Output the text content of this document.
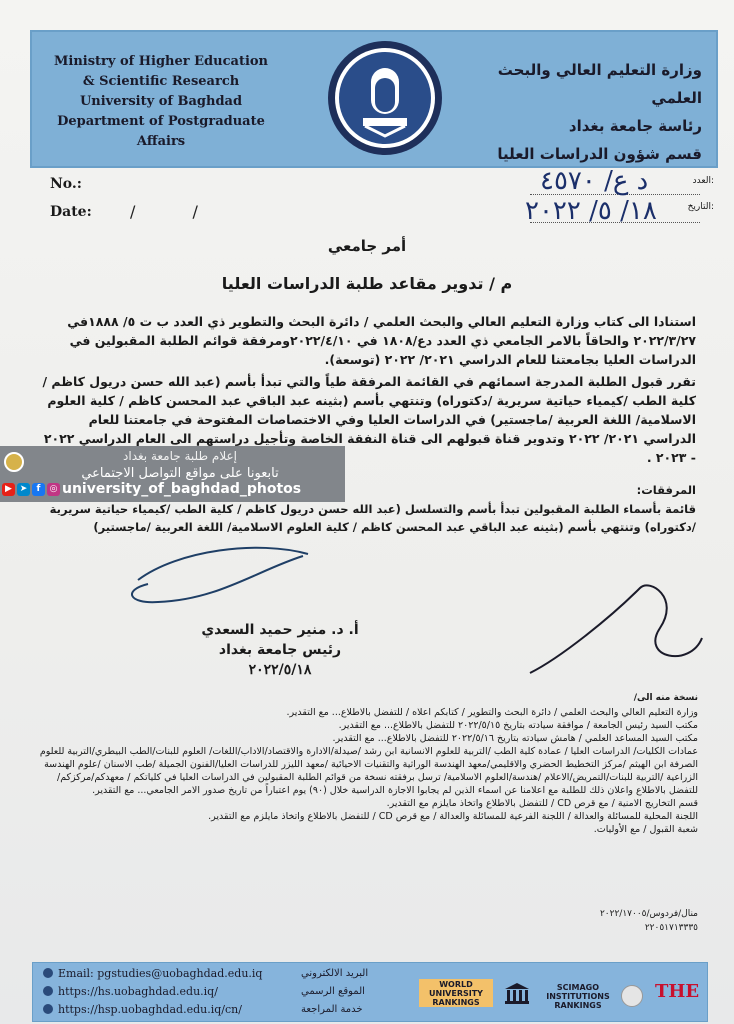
Ministry of Higher Education
& Scientific Research
University of Baghdad
Department of Postgraduate Affairs
وزارة التعليم العالي والبحث العلمي
رئاسة جامعة بغداد
قسم شؤون الدراسات العليا
No.:
Date: / /
العدد:
التاريخ:
د ع/ ٤٥٧٠
١٨/ ٥/ ٢٠٢٢
أمر جامعي
م / تدوير مقاعد طلبة الدراسات العليا
استنادا الى كتاب وزارة التعليم العالي والبحث العلمي / دائرة البحث والتطوير ذي العدد ب ت ٥/ ١٨٨٨في ٢٠٢٢/٣/٢٧ والحاقاً بالامر الجامعي ذي العدد دع/١٨٠٨ في ٢٠٢٢/٤/١٠ومرفقة قوائم الطلبة المقبولين في الدراسات العليا بجامعتنا للعام الدراسي ٢٠٢١/ ٢٠٢٢ (توسعة).
تقرر قبول الطلبة المدرجة اسمائهم في القائمة المرفقة طياً والتي تبدأ بأسم (عبد الله حسن دريول كاظم / كلية الطب /كيمياء حياتية سريرية /دكتوراه) وتنتهي بأسم (بثينه عبد الباقي عبد المحسن كاظم / كلية العلوم الاسلامية/ اللغة العربية /ماجستير) في الدراسات العليا وفي الاختصاصات المفتوحة في جامعتنا للعام الدراسي ٢٠٢١/ ٢٠٢٢ وتدوير قناة قبولهم الى قناة النفقة الخاصة وتأجيل دراستهم الى العام الدراسي ٢٠٢٢ - ٢٠٢٣ .
المرفقات:
قائمة بأسماء الطلبة المقبولين تبدأ بأسم والتسلسل (عبد الله حسن دريول كاظم / كلية الطب /كيمياء حياتية سريرية /دكتوراه) وتنتهي بأسم (بثينه عبد الباقي عبد المحسن كاظم / كلية العلوم الاسلامية/ اللغة العربية /ماجستير)
إعلام طلبة جامعة بغداد
تابعونا على مواقع التواصل الاجتماعي
▶ ➤	f	◎ university_of_baghdad_photos
أ. د. منير حميد السعدي
رئيس جامعة بغداد
٢٠٢٢/٥/١٨
نسخة منه الى/
وزارة التعليم العالي والبحث العلمي / دائرة البحث والتطوير / كتابكم اعلاه / للتفضل بالاطلاع... مع التقدير.
مكتب السيد رئيس الجامعة / موافقة سيادته بتاريخ ٢٠٢٢/٥/١٥ للتفضل بالاطلاع... مع التقدير.
مكتب السيد المساعد العلمي / هامش سيادته بتاريخ ٢٠٢٢/٥/١٦ للتفضل بالاطلاع... مع التقدير.
عمادات الكليات/ الدراسات العليا / عمادة كلية الطب /التربية للعلوم الانسانية ابن رشد /صيدلة/الادارة والاقتصاد/الاداب/اللغات/ العلوم للبنات/الطب البيطري/التربية للعلوم الصرفة ابن الهيثم /مركز التخطيط الحضري والاقليمي/معهد الهندسة الوراثية والتقنيات الاحيائية /معهد الليزر للدراسات العليا/الفنون الجميلة /طب الاسنان /علوم الهندسة الزراعية /التربية للبنات/التمريض/الاعلام /هندسة/العلوم الاسلامية/ ترسل برفقته نسخة من قوائم الطلبة المقبولين في الدراسات العليا في كلياتكم / معهدكم/مركزكم/ للتفضل بالاطلاع واعلان ذلك للطلبة مع اعلامنا عن اسماء الذين لم يجابوا الاجازة الدراسية خلال (٩٠) يوم اعتباراً من تاريخ صدور الامر الجامعي... مع التقدير.
قسم التخاريج الامنية / مع قرص CD / للتفضل بالاطلاع واتخاذ مايلزم مع التقدير.
اللجنة المحلية للمسائلة والعدالة / اللجنة الفرعية للمسائلة والعدالة / مع قرص CD / للتفضل بالاطلاع واتخاذ مايلزم مع التقدير.
شعبة القبول / مع الأوليات.
منال/فردوس/٢٠٢٢/١٧٠٠٥
٢٢٠٥١٧١٣٣٣٥
Email: pgstudies@uobaghdad.edu.iq
https://hs.uobaghdad.edu.iq/
https://hsp.uobaghdad.edu.iq/cn/
البريد الالكتروني
الموقع الرسمي
خدمة المراجعة
WORLD UNIVERSITY RANKINGS
SCIMAGO INSTITUTIONS RANKINGS
THE
